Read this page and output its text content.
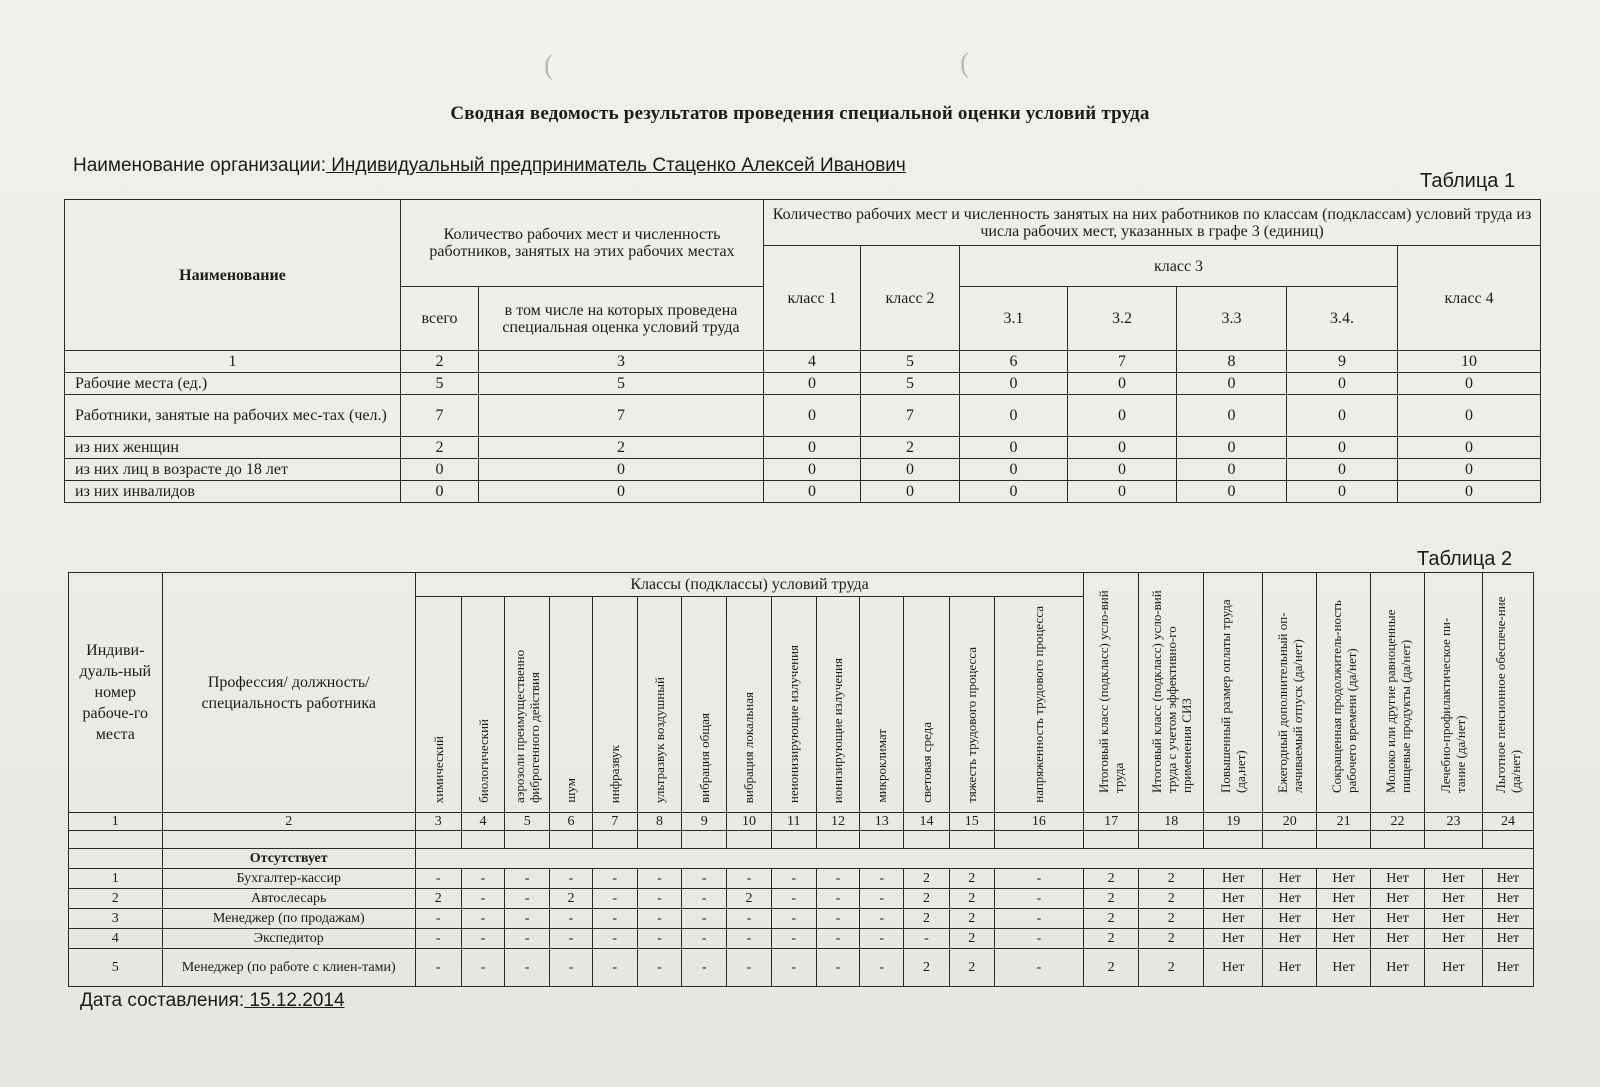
(	(
Сводная ведомость результатов проведения специальной оценки условий труда
Наименование организации: Индивидуальный предприниматель Стаценко Алексей Иванович
Таблица 1
Наименование	Количество рабочих мест и численность работников, занятых на этих рабочих местах		Количество рабочих мест и численность занятых на них работников по классам (подклассам) условий труда из числа рабочих мест, указанных в графе 3 (единиц)						
			класс 1	класс 2	класс 3				класс 4
	всего	в том числе на которых проведена специальная оценка условий труда			3.1	3.2	3.3	3.4.	
1	2	3	4	5	6	7	8	9	10
Рабочие места (ед.)	5	5	0	5	0	0	0	0	0
Работники, занятые на рабочих мес-тах (чел.)	7	7	0	7	0	0	0	0	0
из них женщин	2	2	0	2	0	0	0	0	0
из них лиц в возрасте до 18 лет	0	0	0	0	0	0	0	0	0
из них инвалидов	0	0	0	0	0	0	0	0	0
Таблица 2
Индиви-дуаль-ный номер рабоче-го места	Профессия/ должность/ специальность работника	Классы (подклассы) условий труда														Итоговый класс (подкласс) усло-вий труда	Итоговый класс (подкласс) усло-вий труда с учетом эффективно-го применения СИЗ	Повышенный размер оплаты труда (да,нет)	Ежегодный дополнительный оп-лачиваемый отпуск (да/нет)	Сокращенная продолжитель-ность рабочего времени (да/нет)	Молоко или другие равноценные пищевые продукты (да/нет)	Лечебно-профилактическое пи-тание (да/нет)	Льготное пенсионное обеспече-ние (да/нет)
		химический	биологический	аэрозоли преимущественно фиброгенного действия	шум	инфразвук	ультразвук воздушный	вибрация общая	вибрация локальная	неионизирующие излучения	ионизирующие излучения	микроклимат	световая среда	тяжесть трудового процесса	напряженность трудового процесса								
1	2	3	4	5	6	7	8	9	10	11	12	13	14	15	16	17	18	19	20	21	22	23	24

	Отсутствует																						
1	Бухгалтер-кассир	-	-	-	-	-	-	-	-	-	-	-	2	2	-	2	2	Нет	Нет	Нет	Нет	Нет	Нет
2	Автослесарь	2	-	-	2	-	-	-	2	-	-	-	2	2	-	2	2	Нет	Нет	Нет	Нет	Нет	Нет
3	Менеджер (по продажам)	-	-	-	-	-	-	-	-	-	-	-	2	2	-	2	2	Нет	Нет	Нет	Нет	Нет	Нет
4	Экспедитор	-	-	-	-	-	-	-	-	-	-	-	-	2	-	2	2	Нет	Нет	Нет	Нет	Нет	Нет
5	Менеджер (по работе с клиен-тами)	-	-	-	-	-	-	-	-	-	-	-	2	2	-	2	2	Нет	Нет	Нет	Нет	Нет	Нет
Дата составления: 15.12.2014
